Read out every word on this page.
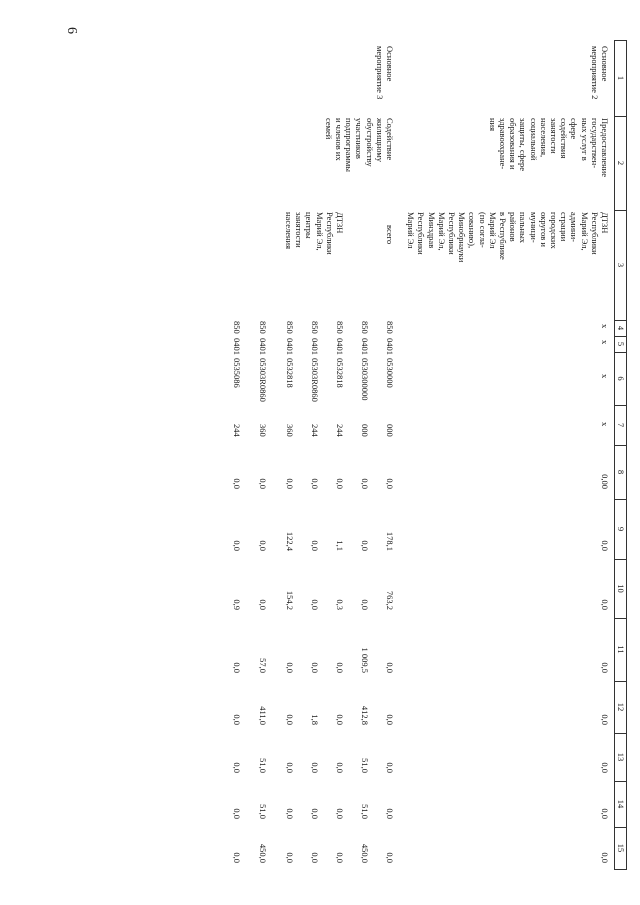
6
1
2
3
4
5
6
7
8
9
10
11
12
13
14
15
Основное
мероприятие 2
Предоставление
государствен-
ных услуг в
сфере
содействия
занятости
населения,
социальной
защиты, сфере
образования и
здравоохране-
ния
ДТЗН
Республики
Марий Эл,
админи-
страции
городских
округов и
муници-
пальных
районов
в Республике
Марий Эл
(по согла-
сованию),
Минобрнауки
Республики
Марий Эл,
Минздрав
Республики
Марий Эл
x
x
x
x
0,00
0,0
0,0
0,0
0,0
0,0
0,0
0,0
Основное
мероприятие 3
Содействие
жилищному
обустройству
участников
подпрограммы
и членов их
семей
всего
850
0401
0530000
000
0,0
178,1
763,2
0,0
0,0
0,0
0,0
0,0
850
0401
0530300000
000
0,0
0,0
0,0
1 009,5
412,8
51,0
51,0
450,0
ДТЗН
Республики
Марий Эл,
центры
занятости
населения
850
0401
0532818
244
0,0
1,1
0,3
0,0
0,0
0,0
0,0
0,0
850
0401
05303R0860
244
0,0
0,0
0,0
0,0
1,8
0,0
0,0
0,0
850
0401
0532818
360
0,0
122,4
154,2
0,0
0,0
0,0
0,0
0,0
850
0401
05303R0860
360
0,0
0,0
0,0
57,0
411,0
51,0
51,0
450,0
850
0401
0535086
244
0,0
0,0
0,9
0,0
0,0
0,0
0,0
0,0
